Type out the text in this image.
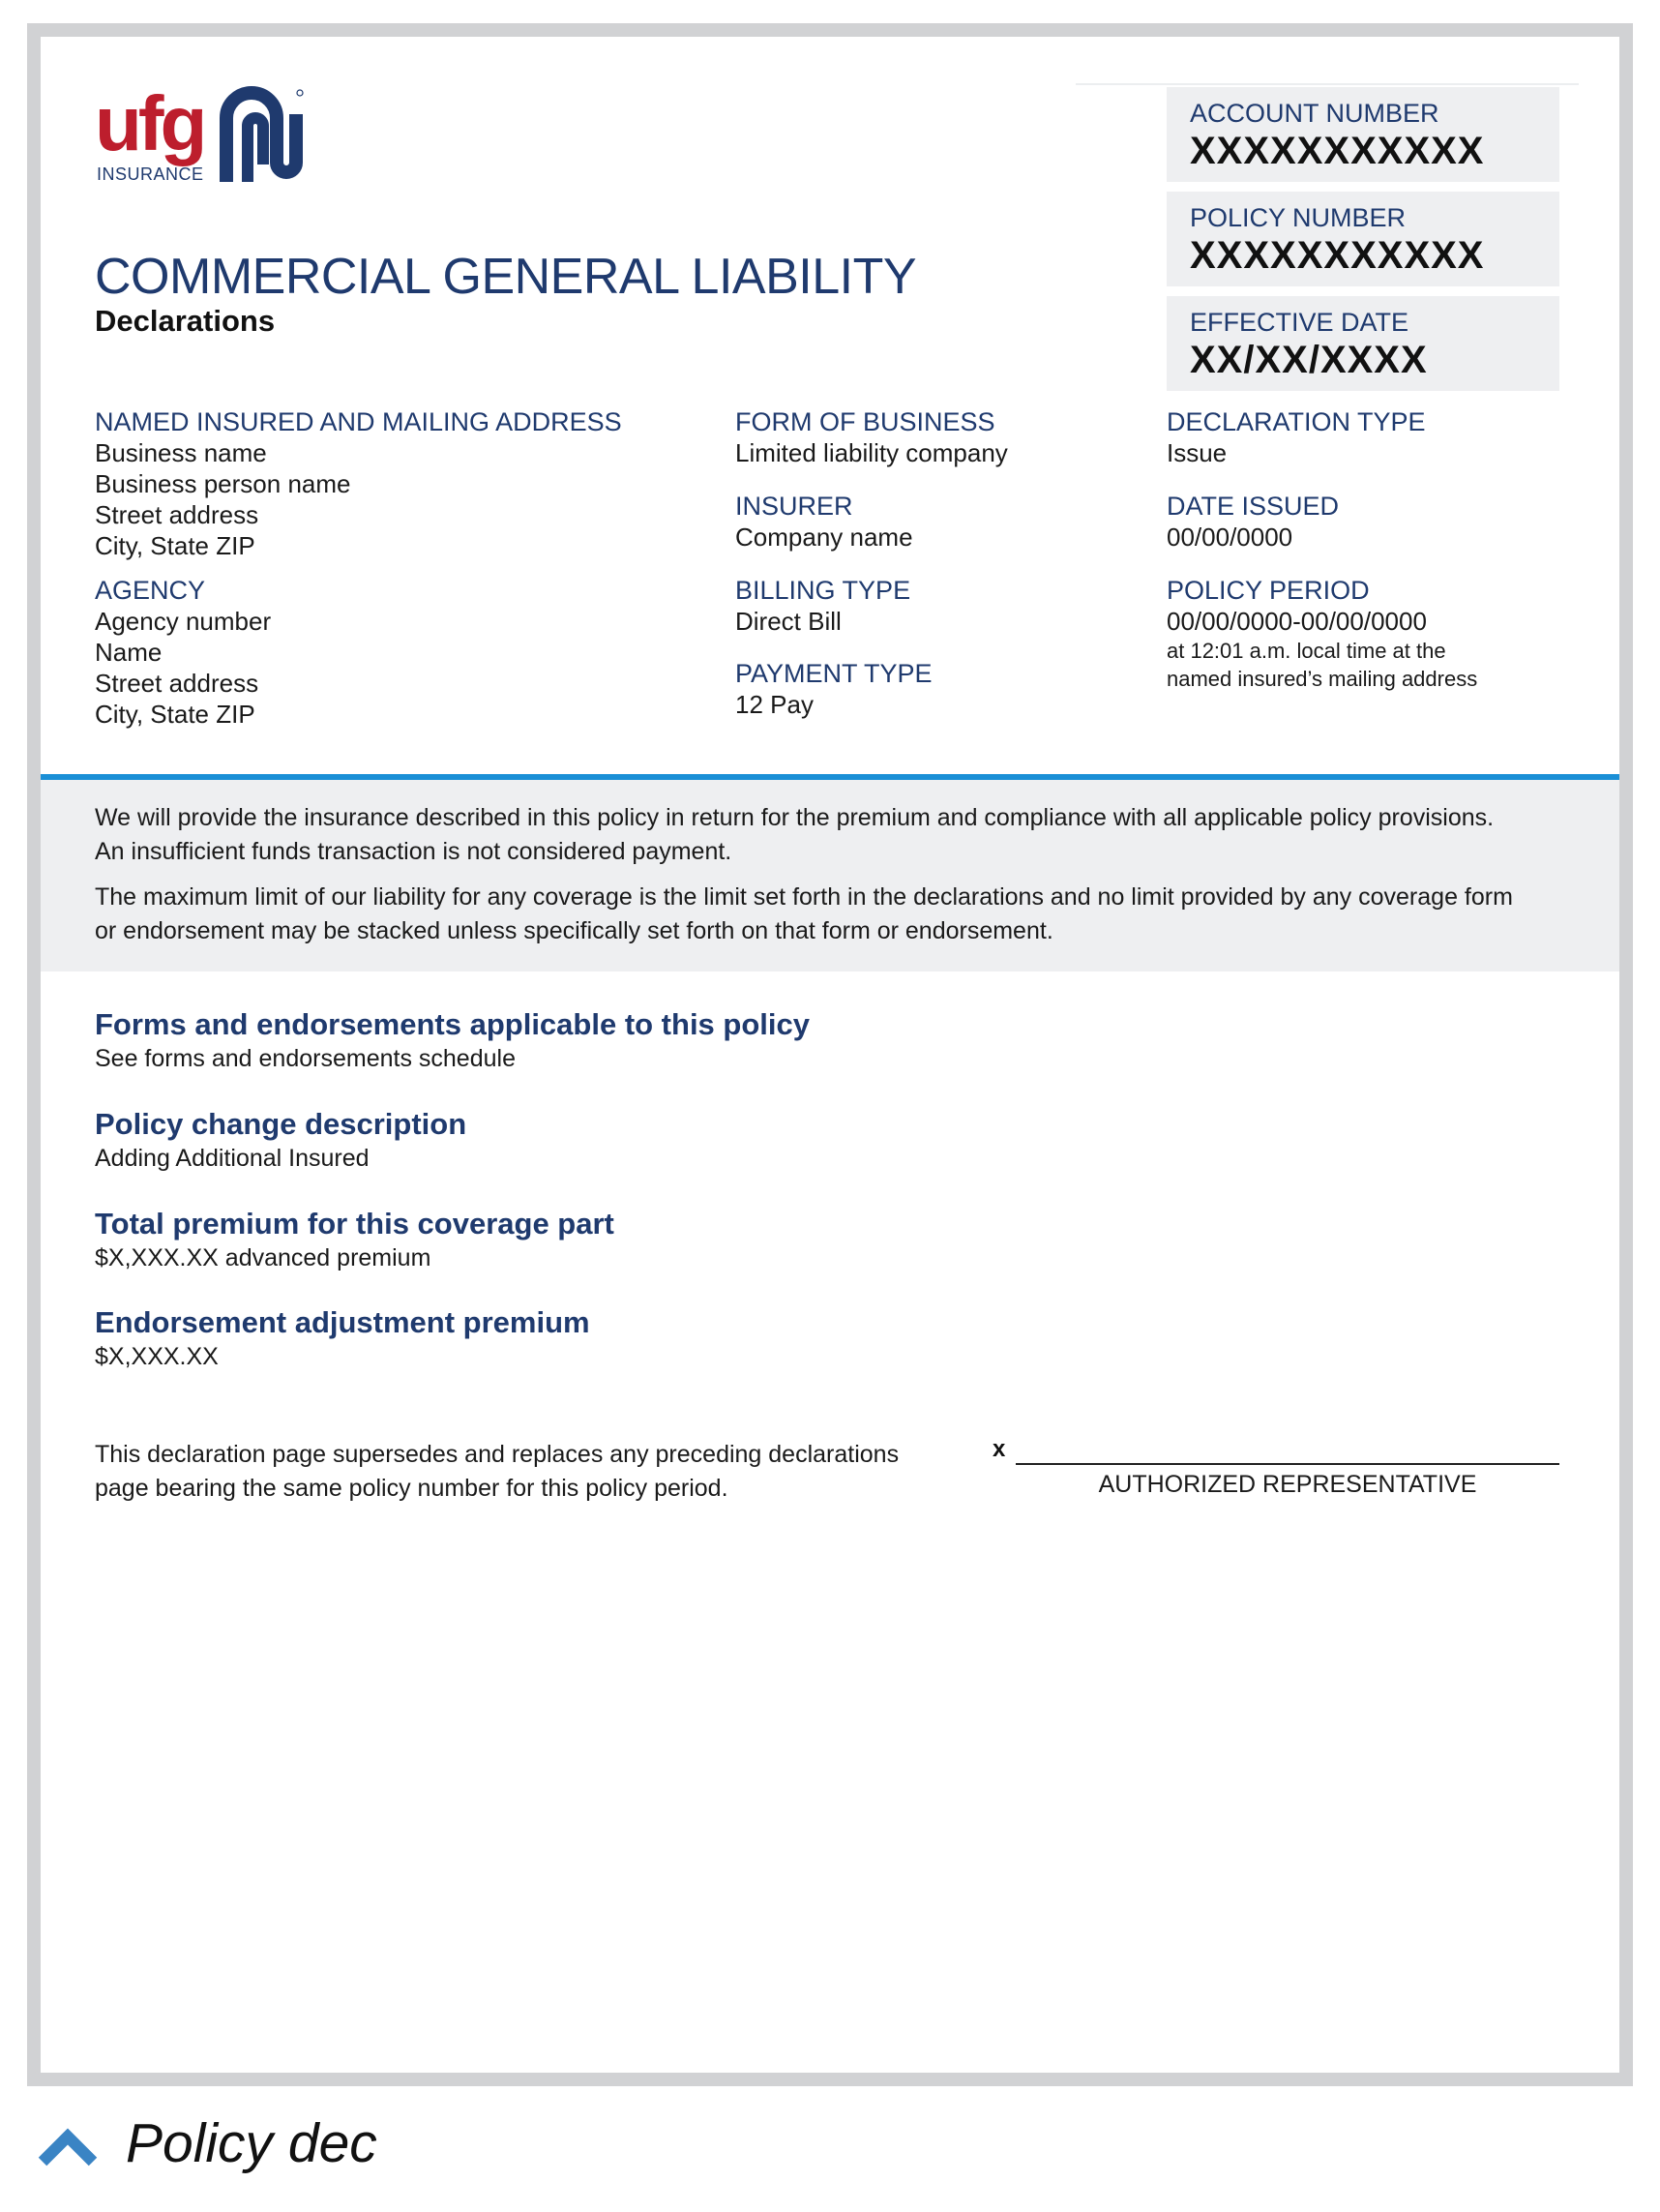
ufg
INSURANCE
COMMERCIAL GENERAL LIABILITY
Declarations
ACCOUNT NUMBER
XXXXXXXXXXX
POLICY NUMBER
XXXXXXXXXXX
EFFECTIVE DATE
XX/XX/XXXX
NAMED INSURED AND MAILING ADDRESS
Business name
Business person name
Street address
City, State ZIP
AGENCY
Agency number
Name
Street address
City, State ZIP
FORM OF BUSINESS
Limited liability company
INSURER
Company name
BILLING TYPE
Direct Bill
PAYMENT TYPE
12 Pay
DECLARATION TYPE
Issue
DATE ISSUED
00/00/0000
POLICY PERIOD
00/00/0000-00/00/0000
at 12:01 a.m. local time at the
named insured’s mailing address

We will provide the insurance described in this policy in return for the premium and compliance with all applicable policy provisions.

An insufficient funds transaction is not considered payment.

The maximum limit of our liability for any coverage is the limit set forth in the declarations and no limit provided by any coverage form

or endorsement may be stacked unless specifically set forth on that form or endorsement.

Forms and endorsements applicable to this policy
See forms and endorsements schedule
Policy change description
Adding Additional Insured
Total premium for this coverage part
$X,XXX.XX advanced premium
Endorsement adjustment premium
$X,XXX.XX
This declaration page supersedes and replaces any preceding declarations
page bearing the same policy number for this policy period.
x
AUTHORIZED REPRESENTATIVE
Policy dec
